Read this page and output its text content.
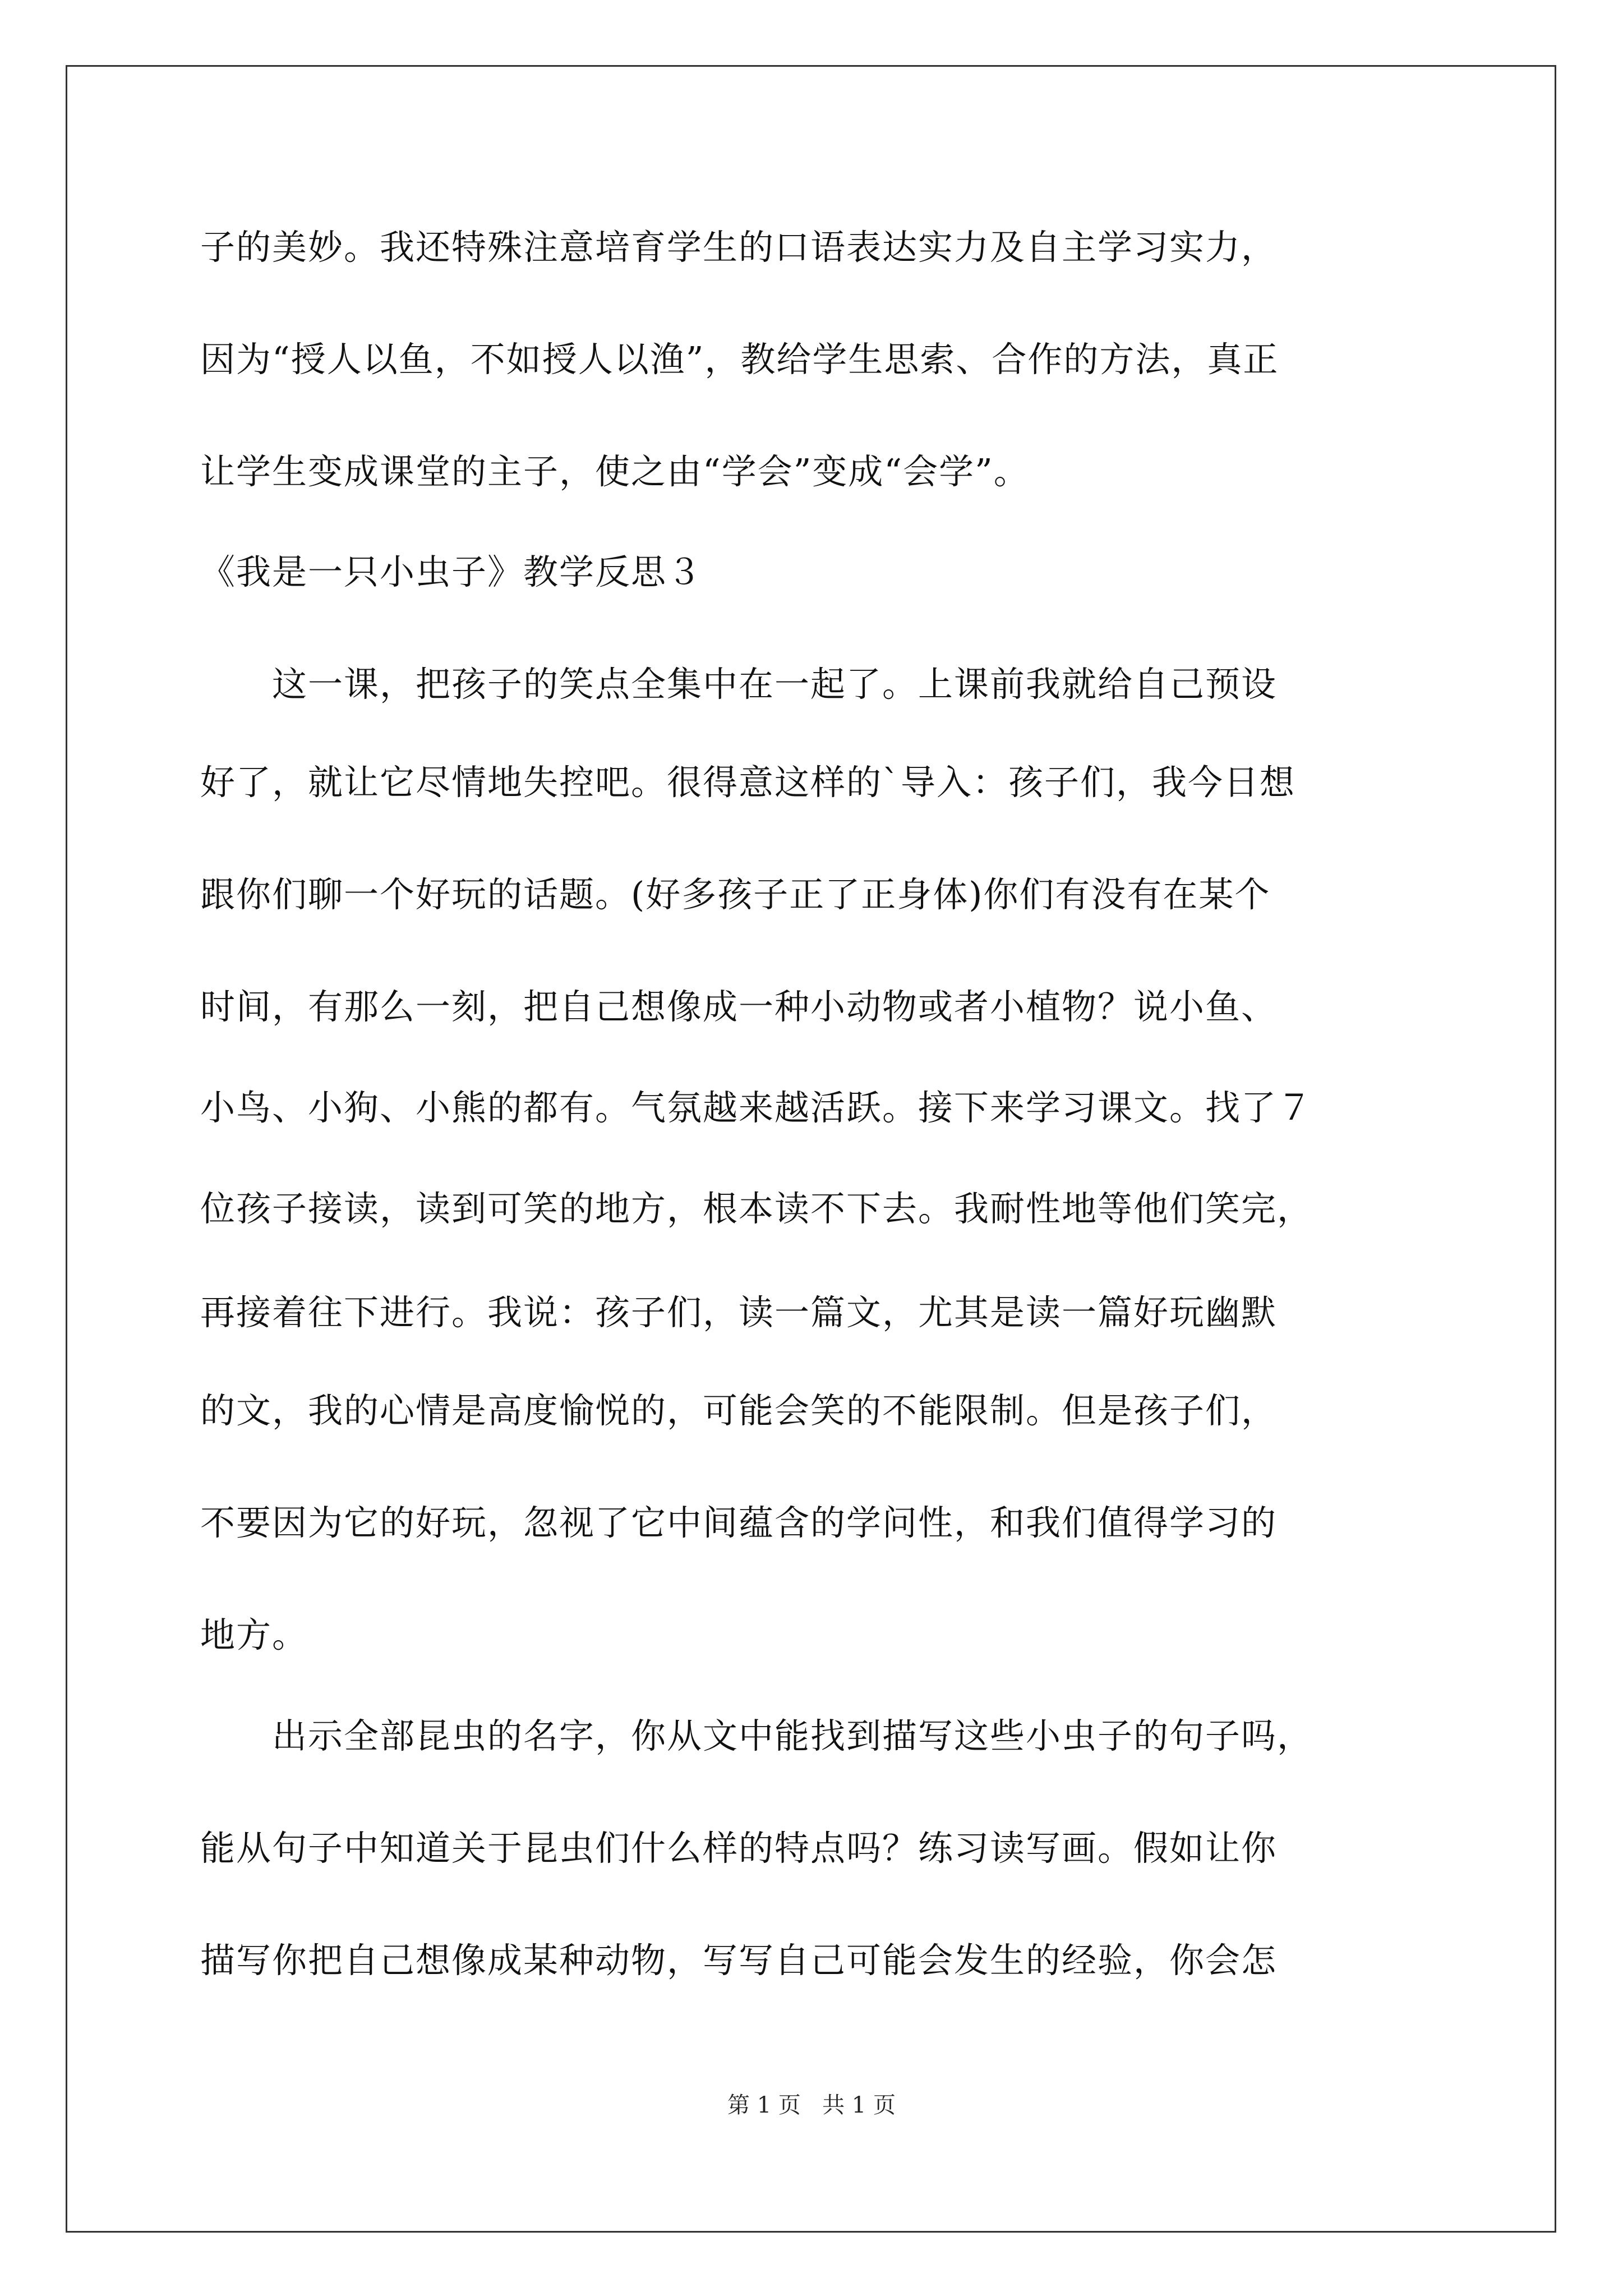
子的美妙。我还特殊注意培育学生的口语表达实力及自主学习实力，
因为“授人以鱼，不如授人以渔”，教给学生思索、合作的方法，真正
让学生变成课堂的主子，使之由“学会”变成“会学”。
《我是一只小虫子》教学反思３
　　这一课，把孩子的笑点全集中在一起了。上课前我就给自己预设
好了，就让它尽情地失控吧。很得意这样的`导入：孩子们，我今日想
跟你们聊一个好玩的话题。(好多孩子正了正身体)你们有没有在某个
时间，有那么一刻，把自己想像成一种小动物或者小植物？说小鱼、
小鸟、小狗、小熊的都有。气氛越来越活跃。接下来学习课文。找了７
位孩子接读，读到可笑的地方，根本读不下去。我耐性地等他们笑完，
再接着往下进行。我说：孩子们，读一篇文，尤其是读一篇好玩幽默
的文，我的心情是高度愉悦的，可能会笑的不能限制。但是孩子们，
不要因为它的好玩，忽视了它中间蕴含的学问性，和我们值得学习的
地方。
　　出示全部昆虫的名字，你从文中能找到描写这些小虫子的句子吗，
能从句子中知道关于昆虫们什么样的特点吗？练习读写画。假如让你
描写你把自己想像成某种动物，写写自己可能会发生的经验，你会怎
第 1 页   共 1 页
